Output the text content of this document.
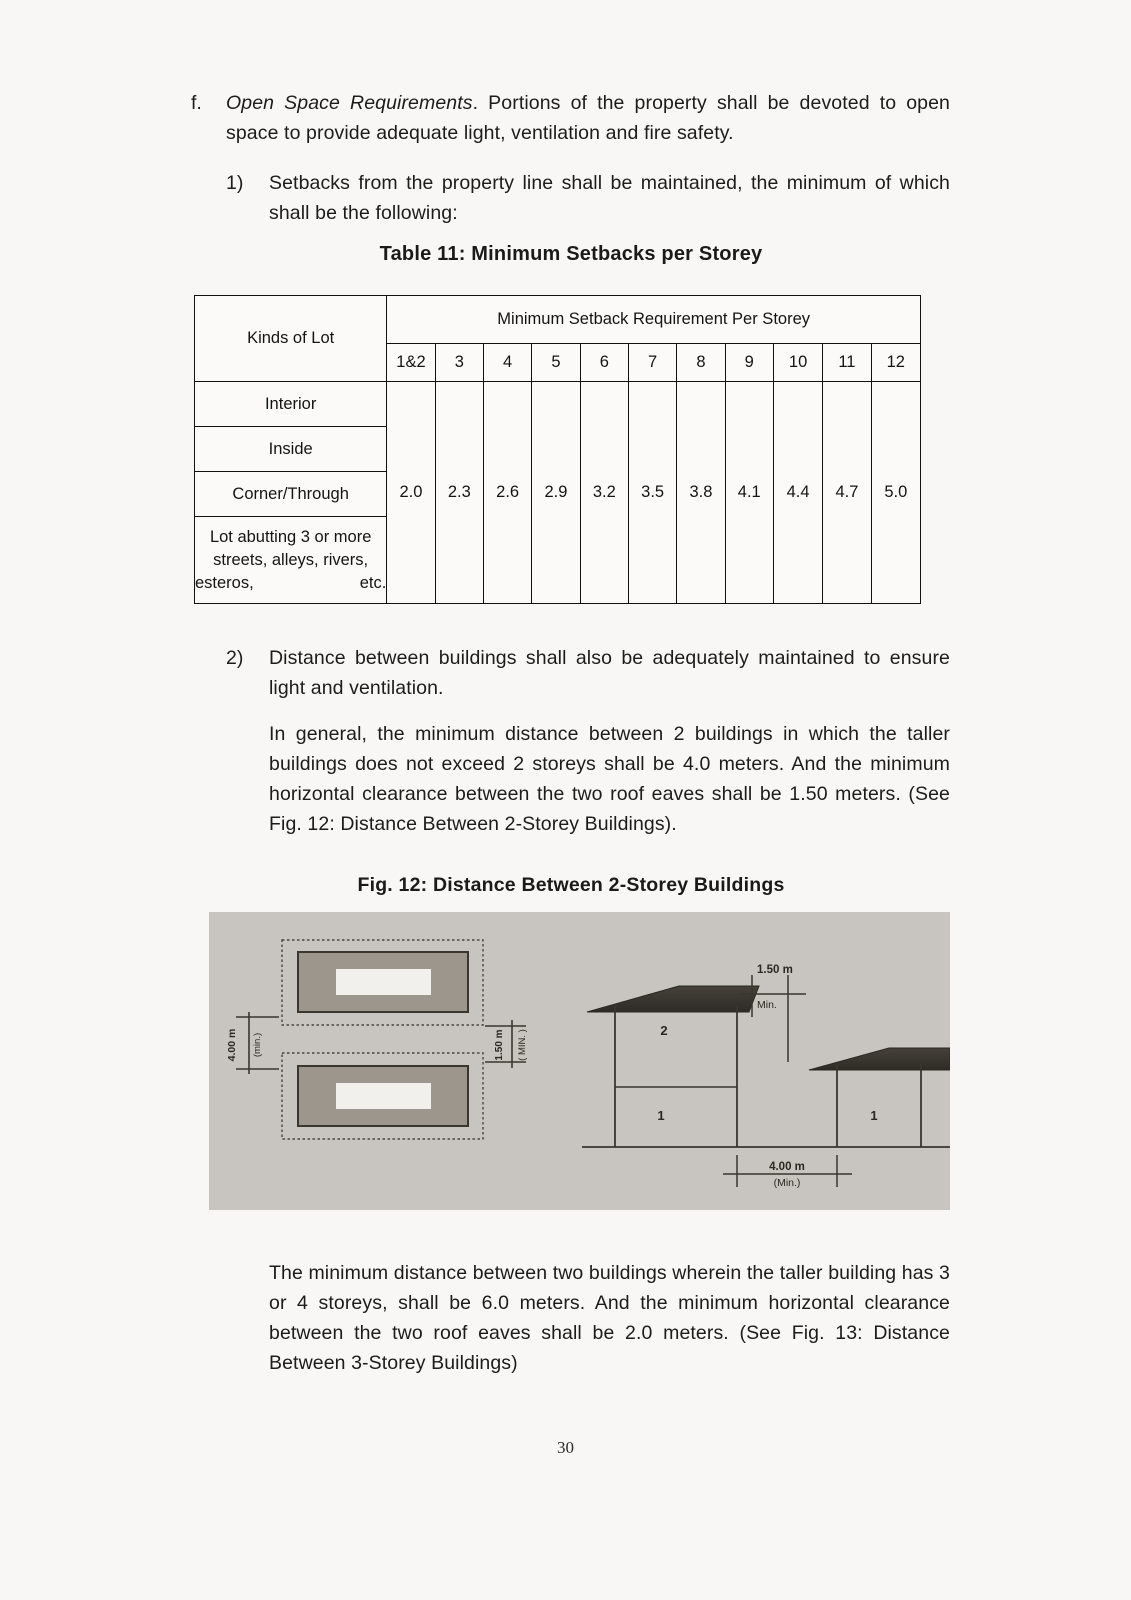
f. Open Space Requirements. Portions of the property shall be devoted to open space to provide adequate light, ventilation and fire safety.
1) Setbacks from the property line shall be maintained, the minimum of which shall be the following:
Table 11: Minimum Setbacks per Storey
Kinds of Lot	Minimum Setback Requirement Per Storey										
	1&2	3	4	5	6	7	8	9	10	11	12
Interior	2.0	2.3	2.6	2.9	3.2	3.5	3.8	4.1	4.4	4.7	5.0
Inside											
Corner/Through											
Lot abutting 3 or more streets, alleys, rivers, esteros, etc.											
2) Distance between buildings shall also be adequately maintained to ensure light and ventilation.
In general, the minimum distance between 2 buildings in which the taller buildings does not exceed 2 storeys shall be 4.0 meters. And the minimum horizontal clearance between the two roof eaves shall be 1.50 meters. (See Fig. 12: Distance Between 2-Storey Buildings).
Fig. 12: Distance Between 2-Storey Buildings
4.00 m (min.)	1.50 m ( MIN. )	2
1	1
1.50 m
Min.
4.00 m
(Min.)
The minimum distance between two buildings wherein the taller building has 3 or 4 storeys, shall be 6.0 meters. And the minimum horizontal clearance between the two roof eaves shall be 2.0 meters. (See Fig. 13: Distance Between 3-Storey Buildings)
30
